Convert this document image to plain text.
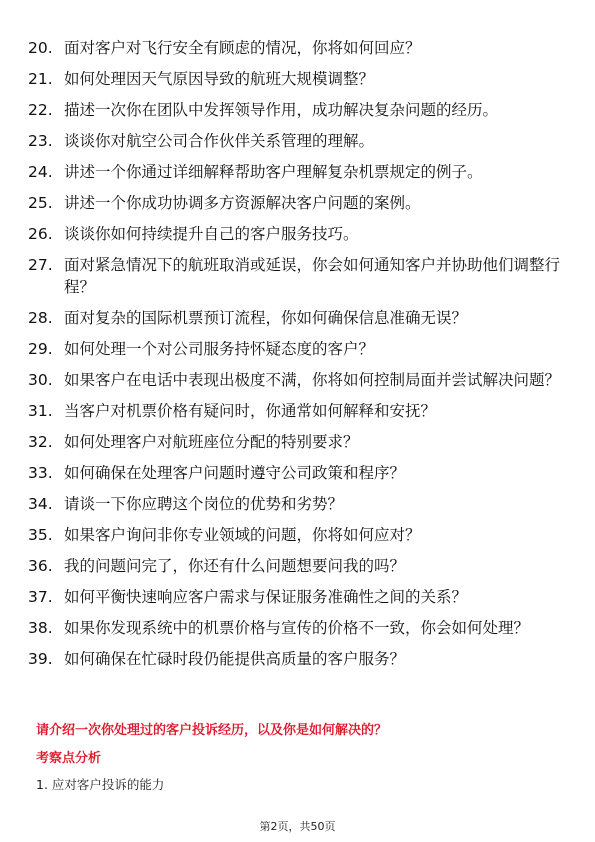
20. 面对客户对飞行安全有顾虑的情况，你将如何回应？
21. 如何处理因天气原因导致的航班大规模调整？
22. 描述一次你在团队中发挥领导作用，成功解决复杂问题的经历。
23. 谈谈你对航空公司合作伙伴关系管理的理解。
24. 讲述一个你通过详细解释帮助客户理解复杂机票规定的例子。
25. 讲述一个你成功协调多方资源解决客户问题的案例。
26. 谈谈你如何持续提升自己的客户服务技巧。
27. 面对紧急情况下的航班取消或延误，你会如何通知客户并协助他们调整行程？
28. 面对复杂的国际机票预订流程，你如何确保信息准确无误？
29. 如何处理一个对公司服务持怀疑态度的客户？
30. 如果客户在电话中表现出极度不满，你将如何控制局面并尝试解决问题？
31. 当客户对机票价格有疑问时，你通常如何解释和安抚？
32. 如何处理客户对航班座位分配的特别要求？
33. 如何确保在处理客户问题时遵守公司政策和程序？
34. 请谈一下你应聘这个岗位的优势和劣势？
35. 如果客户询问非你专业领域的问题，你将如何应对？
36. 我的问题问完了，你还有什么问题想要问我的吗？
37. 如何平衡快速响应客户需求与保证服务准确性之间的关系？
38. 如果你发现系统中的机票价格与宣传的价格不一致，你会如何处理？
39. 如何确保在忙碌时段仍能提供高质量的客户服务？
请介绍一次你处理过的客户投诉经历，以及你是如何解决的？
考察点分析
1. 应对客户投诉的能力
第2页，共50页
